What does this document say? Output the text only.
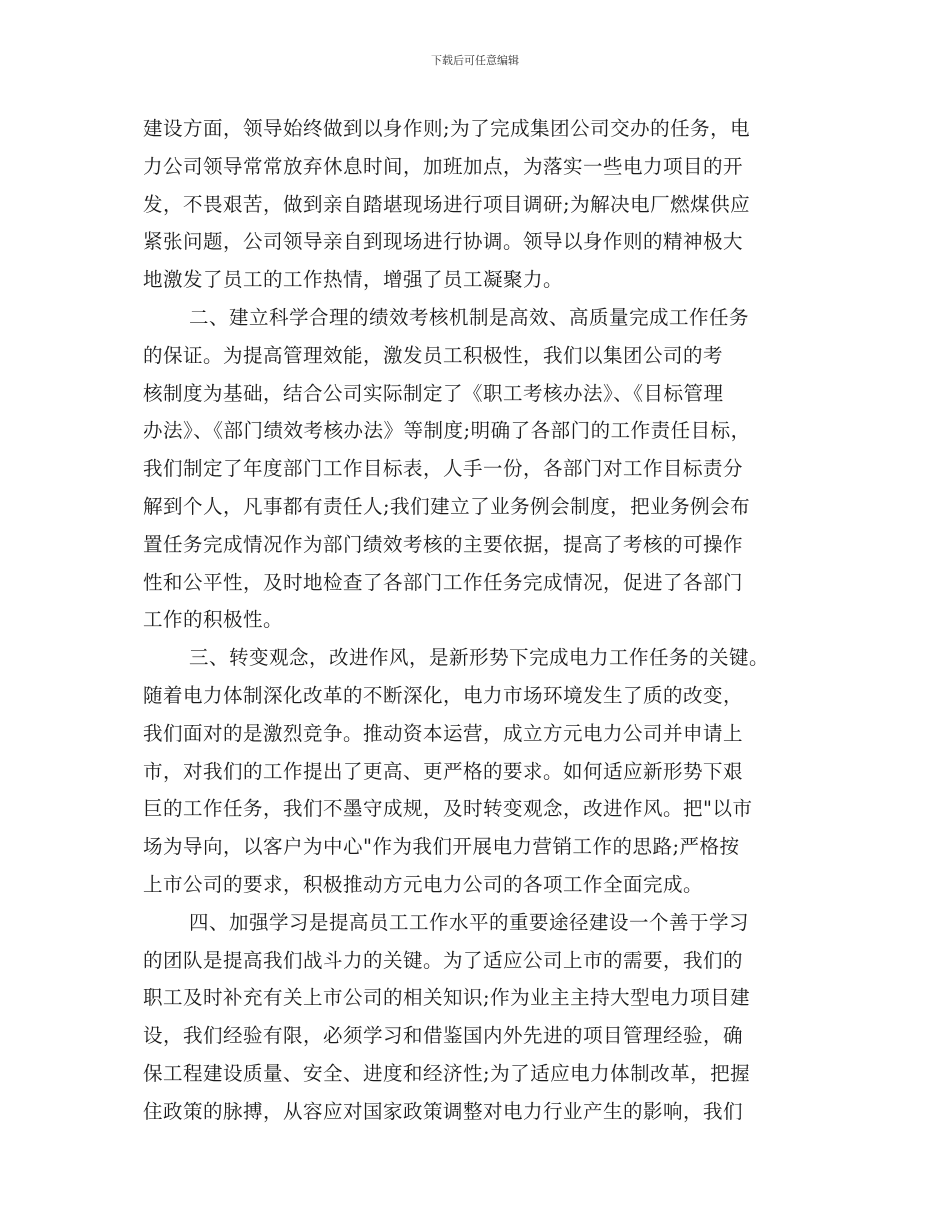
下载后可任意编辑
建设方面，领导始终做到以身作则;为了完成集团公司交办的任务，电
力公司领导常常放弃休息时间，加班加点，为落实一些电力项目的开
发，不畏艰苦，做到亲自踏堪现场进行项目调研;为解决电厂燃煤供应
紧张问题，公司领导亲自到现场进行协调。领导以身作则的精神极大
地激发了员工的工作热情，增强了员工凝聚力。
二、建立科学合理的绩效考核机制是高效、高质量完成工作任务
的保证。为提高管理效能，激发员工积极性，我们以集团公司的考
核制度为基础，结合公司实际制定了《职工考核办法》、《目标管理
办法》、《部门绩效考核办法》等制度;明确了各部门的工作责任目标，
我们制定了年度部门工作目标表，人手一份，各部门对工作目标责分
解到个人，凡事都有责任人;我们建立了业务例会制度，把业务例会布
置任务完成情况作为部门绩效考核的主要依据，提高了考核的可操作
性和公平性，及时地检查了各部门工作任务完成情况，促进了各部门
工作的积极性。
三、转变观念，改进作风，是新形势下完成电力工作任务的关键。
随着电力体制深化改革的不断深化，电力市场环境发生了质的改变，
我们面对的是激烈竞争。推动资本运营，成立方元电力公司并申请上
市，对我们的工作提出了更高、更严格的要求。如何适应新形势下艰
巨的工作任务，我们不墨守成规，及时转变观念，改进作风。把"以市
场为导向，以客户为中心"作为我们开展电力营销工作的思路;严格按
上市公司的要求，积极推动方元电力公司的各项工作全面完成。
四、加强学习是提高员工工作水平的重要途径建设一个善于学习
的团队是提高我们战斗力的关键。为了适应公司上市的需要，我们的
职工及时补充有关上市公司的相关知识;作为业主主持大型电力项目建
设，我们经验有限，必须学习和借鉴国内外先进的项目管理经验，确
保工程建设质量、安全、进度和经济性;为了适应电力体制改革，把握
住政策的脉搏，从容应对国家政策调整对电力行业产生的影响，我们
